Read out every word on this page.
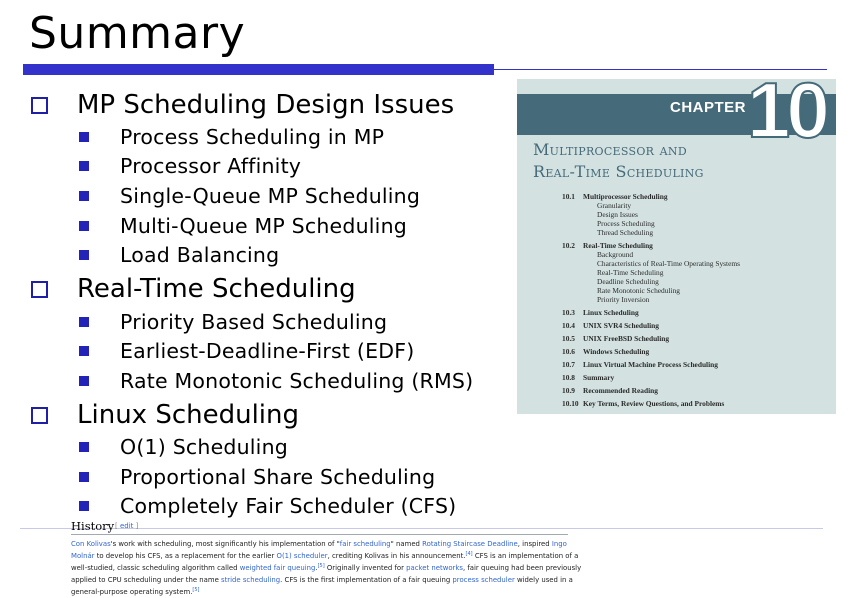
Summary
MP Scheduling Design Issues
Process Scheduling in MP
Processor Affinity
Single-Queue MP Scheduling
Multi-Queue MP Scheduling
Load Balancing
Real-Time Scheduling
Priority Based Scheduling
Earliest-Deadline-First (EDF)
Rate Monotonic Scheduling (RMS)
Linux Scheduling
O(1) Scheduling
Proportional Share Scheduling
Completely Fair Scheduler (CFS)
CHAPTER 10
Multiprocessor and
Real-Time Scheduling
10.1 Multiprocessor Scheduling
Granularity
Design Issues
Process Scheduling
Thread Scheduling
10.2 Real-Time Scheduling
Background
Characteristics of Real-Time Operating Systems
Real-Time Scheduling
Deadline Scheduling
Rate Monotonic Scheduling
Priority Inversion
10.3 Linux Scheduling
10.4 UNIX SVR4 Scheduling
10.5 UNIX FreeBSD Scheduling
10.6 Windows Scheduling
10.7 Linux Virtual Machine Process Scheduling
10.8 Summary
10.9 Recommended Reading
10.10 Key Terms, Review Questions, and Problems
History [ edit ]
Con Kolivas's work with scheduling, most significantly his implementation of "fair scheduling" named Rotating Staircase Deadline, inspired Ingo
Molnár to develop his CFS, as a replacement for the earlier O(1) scheduler, crediting Kolivas in his announcement.[4] CFS is an implementation of a
well-studied, classic scheduling algorithm called weighted fair queuing.[5] Originally invented for packet networks, fair queuing had been previously
applied to CPU scheduling under the name stride scheduling. CFS is the first implementation of a fair queuing process scheduler widely used in a
general-purpose operating system.[5]
